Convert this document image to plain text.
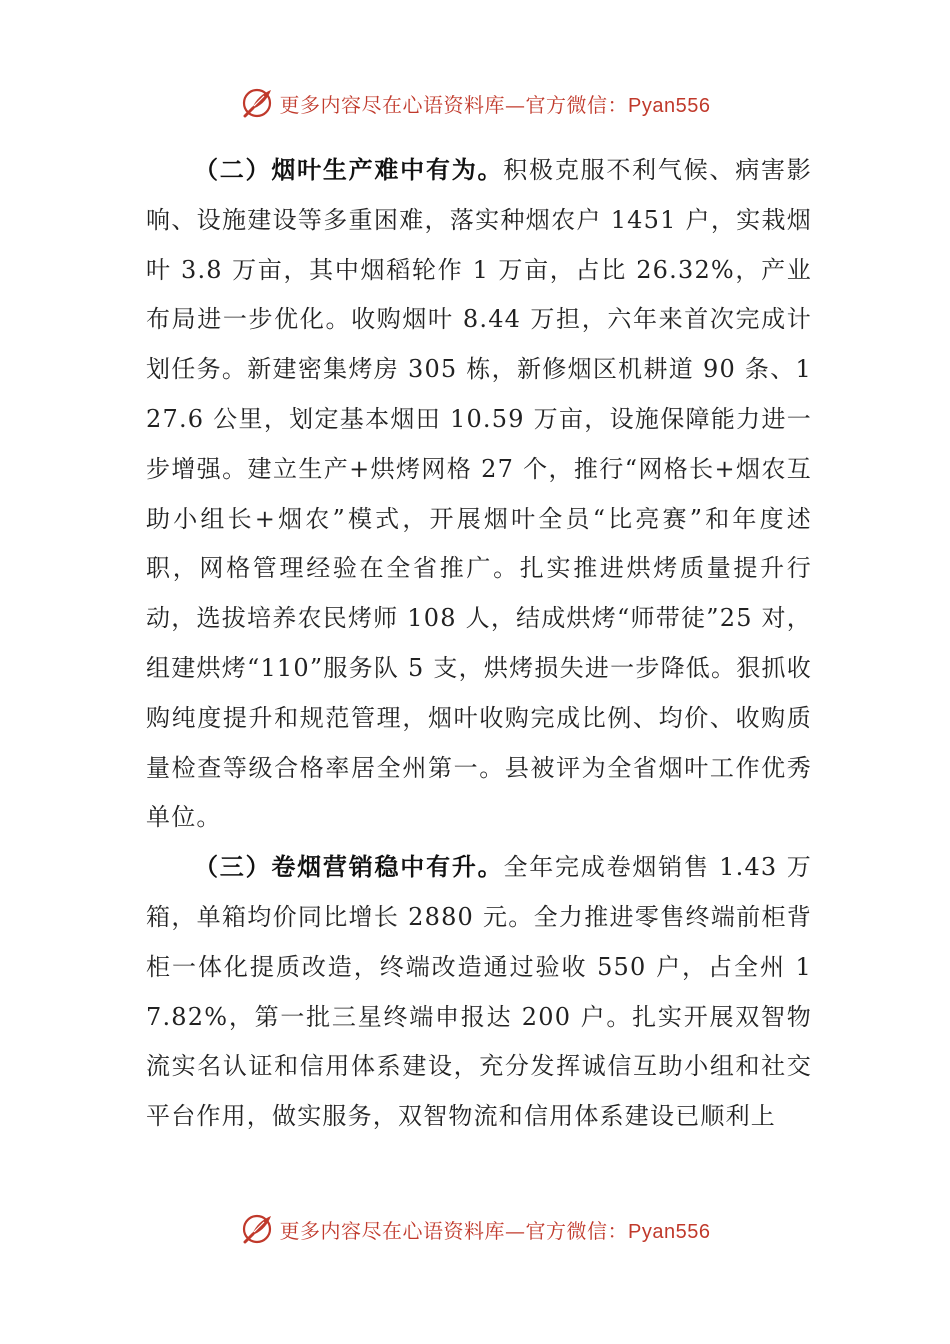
更多内容尽在心语资料库—官方微信：Pyan556

（二）烟叶生产难中有为。积极克服不利气候、病害影响、设施建设等多重困难，落实种烟农户 1451 户，实栽烟叶 3.8 万亩，其中烟稻轮作 1 万亩，占比 26.32%，产业布局进一步优化。收购烟叶 8.44 万担，六年来首次完成计划任务。新建密集烤房 305 栋，新修烟区机耕道 90 条、127.6 公里，划定基本烟田 10.59 万亩，设施保障能力进一步增强。建立生产+烘烤网格 27 个，推行“网格长+烟农互助小组长+烟农”模式，开展烟叶全员“比亮赛”和年度述职，网格管理经验在全省推广。扎实推进烘烤质量提升行动，选拔培养农民烤师 108 人，结成烘烤“师带徒”25 对，组建烘烤“110”服务队 5 支，烘烤损失进一步降低。狠抓收购纯度提升和规范管理，烟叶收购完成比例、均价、收购质量检查等级合格率居全州第一。县被评为全省烟叶工作优秀单位。

（三）卷烟营销稳中有升。全年完成卷烟销售 1.43 万箱，单箱均价同比增长 2880 元。全力推进零售终端前柜背柜一体化提质改造，终端改造通过验收 550 户，占全州 17.82%，第一批三星终端申报达 200 户。扎实开展双智物流实名认证和信用体系建设，充分发挥诚信互助小组和社交平台作用，做实服务，双智物流和信用体系建设已顺利上

更多内容尽在心语资料库—官方微信：Pyan556
